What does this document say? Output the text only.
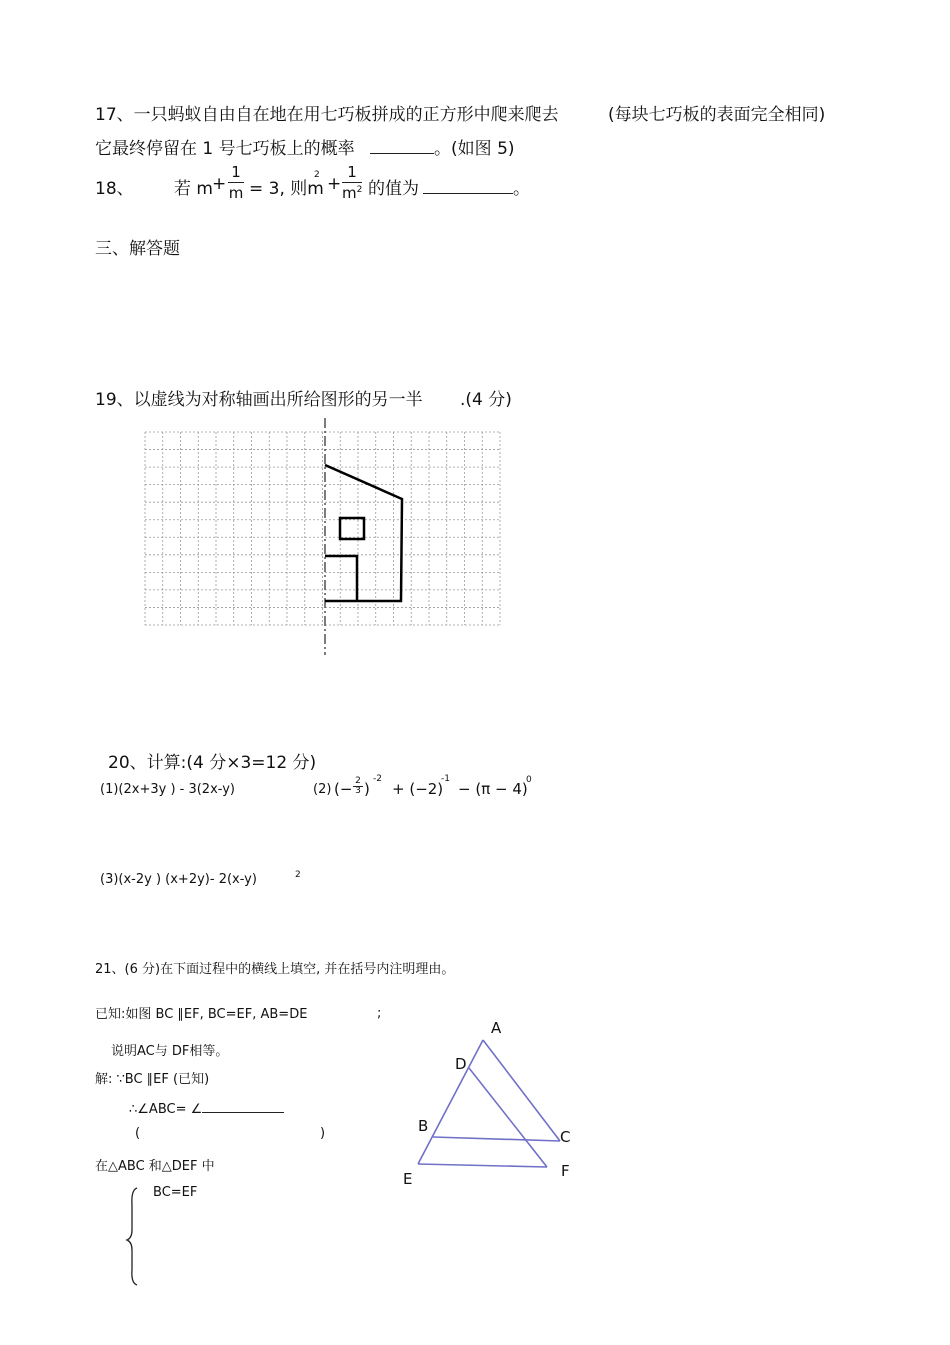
17、一只蚂蚁自由自在地在用七巧板拼成的正方形中爬来爬去	(每块七巧板的表面完全相同)
它最终停留在 1 号七巧板上的概率	。(如图 5)
18、 若 m +
1
m = 3, 则m
2 +
1
$m^2$ 的值为	。
三、解答题
19、以虚线为对称轴画出所给图形的另一半 .(4 分)
20、计算:(4 分×3=12 分)
(1)(2x+3y ) - 3(2x-y)	(2) (− $\frac{2}{3}$ )
-2
+ (−2)
-1
− (π − 4)
0
(3)(x-2y ) (x+2y)- 2(x-y)	2
21、(6 分)在下面过程中的横线上填空, 并在括号内注明理由。
已知:如图 BC ∥EF, BC=EF, AB=DE	;
说明AC与 DF相等。
解: ∵BC ∥EF (已知)
∴∠ABC= ∠
(	)
在△ABC 和△DEF 中
BC=EF
A
D
B
C
E	F
